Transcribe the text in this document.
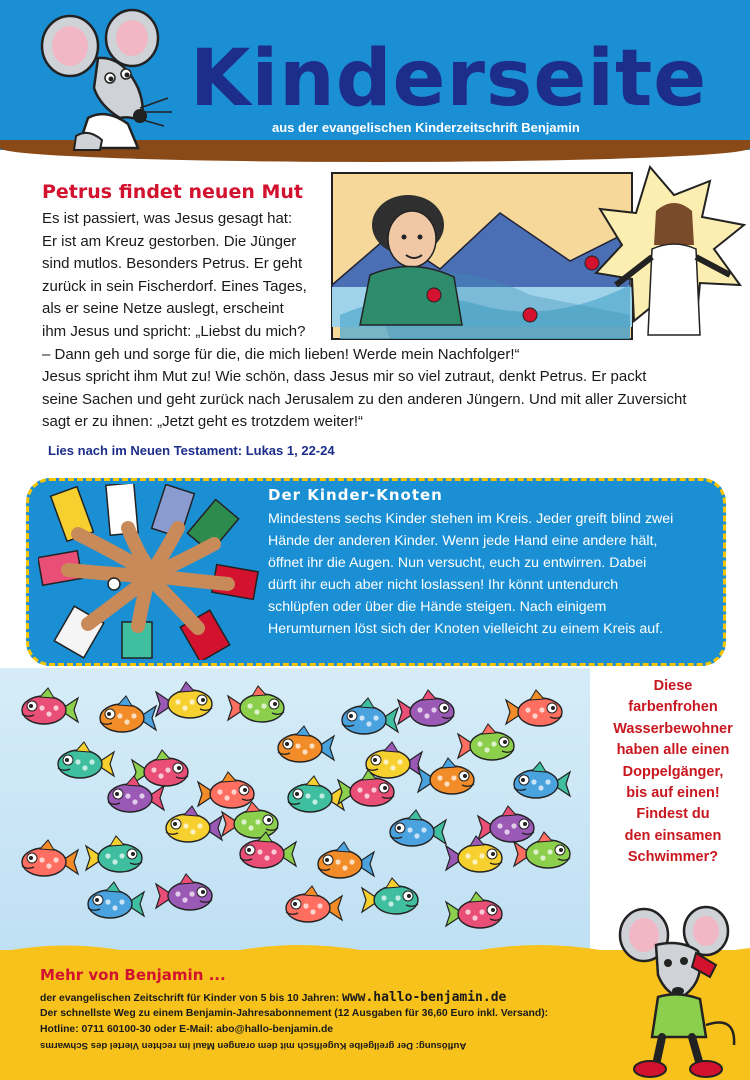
Kinderseite
aus der evangelischen Kinderzeitschrift Benjamin
Petrus findet neuen Mut
Es ist passiert, was Jesus gesagt hat:
Er ist am Kreuz gestorben. Die Jünger
sind mutlos. Besonders Petrus. Er geht
zurück in sein Fischerdorf. Eines Tages,
als er seine Netze auslegt, erscheint
ihm Jesus und spricht: „Liebst du mich?
– Dann geh und sorge für die, die mich lieben! Werde mein Nachfolger!“
Jesus spricht ihm Mut zu! Wie schön, dass Jesus mir so viel zutraut, denkt Petrus. Er packt
seine Sachen und geht zurück nach Jerusalem zu den anderen Jüngern. Und mit aller Zuversicht
sagt er zu ihnen: „Jetzt geht es trotzdem weiter!“
Lies nach im Neuen Testament: Lukas 1, 22-24
Der Kinder-Knoten
Mindestens sechs Kinder stehen im Kreis. Jeder greift blind zwei
Hände der anderen Kinder. Wenn jede Hand eine andere hält,
öffnet ihr die Augen. Nun versucht, euch zu entwirren. Dabei
dürft ihr euch aber nicht loslassen! Ihr könnt untendurch
schlüpfen oder über die Hände steigen. Nach einigem
Herumturnen löst sich der Knoten vielleicht zu einem Kreis auf.
Diese
farbenfrohen
Wasserbewohner
haben alle einen
Doppelgänger,
bis auf einen!
Findest du
den einsamen
Schwimmer?
Mehr von Benjamin ...
der evangelischen Zeitschrift für Kinder von 5 bis 10 Jahren: www.hallo-benjamin.de
Der schnellste Weg zu einem Benjamin-Jahresabonnement (12 Ausgaben für 36,60 Euro inkl. Versand):
Hotline: 0711 60100-30 oder E-Mail: abo@hallo-benjamin.de
Auflösung: Der grellgelbe Kugelfisch mit dem orangen Maul im rechten Viertel des Schwarms
